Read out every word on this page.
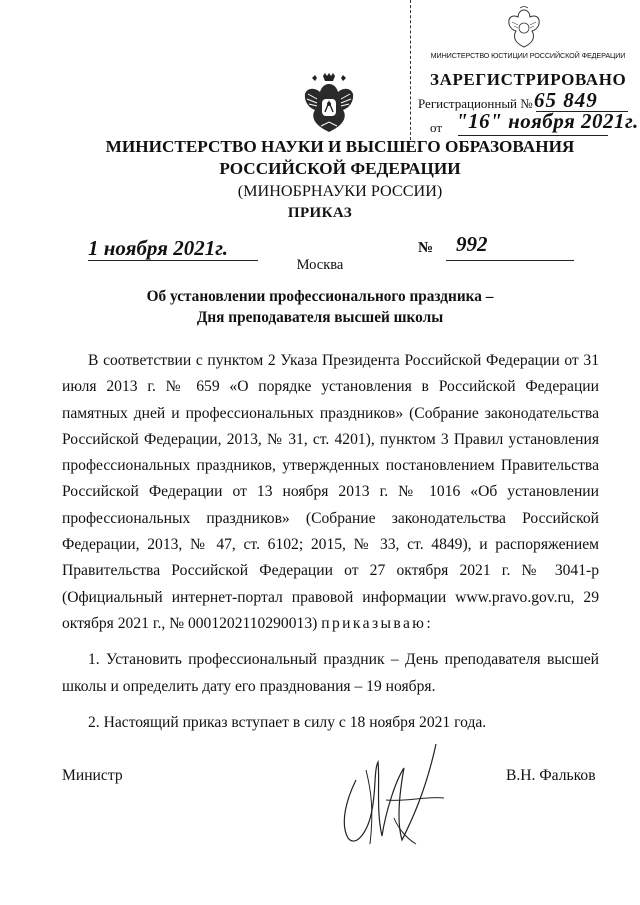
МИНИСТЕРСТВО ЮСТИЦИИ РОССИЙСКОЙ ФЕДЕРАЦИИ
ЗАРЕГИСТРИРОВАНО
Регистрационный № 65 849
от "16" ноября 2021г.
МИНИСТЕРСТВО НАУКИ И ВЫСШЕГО ОБРАЗОВАНИЯ
РОССИЙСКОЙ ФЕДЕРАЦИИ
(МИНОБРНАУКИ РОССИИ)
ПРИКАЗ
1 ноября 2021г.	№ 992
Москва
Об установлении профессионального праздника –
Дня преподавателя высшей школы

В соответствии с пунктом 2 Указа Президента Российской Федерации от 31 июля 2013 г. № 659 «О порядке установления в Российской Федерации памятных дней и профессиональных праздников» (Собрание законодательства Российской Федерации, 2013, № 31, ст. 4201), пунктом 3 Правил установления профессиональных праздников, утвержденных постановлением Правительства Российской Федерации от 13 ноября 2013 г. № 1016 «Об установлении профессиональных праздников» (Собрание законодательства Российской Федерации, 2013, № 47, ст. 6102; 2015, № 33, ст. 4849), и распоряжением Правительства Российской Федерации от 27 октября 2021 г. № 3041-р (Официальный интернет-портал правовой информации www.pravo.gov.ru, 29 октября 2021 г., № 0001202110290013) приказываю:

1. Установить профессиональный праздник – День преподавателя высшей школы и определить дату его празднования – 19 ноября.

2. Настоящий приказ вступает в силу с 18 ноября 2021 года.

Министр	В.Н. Фальков
